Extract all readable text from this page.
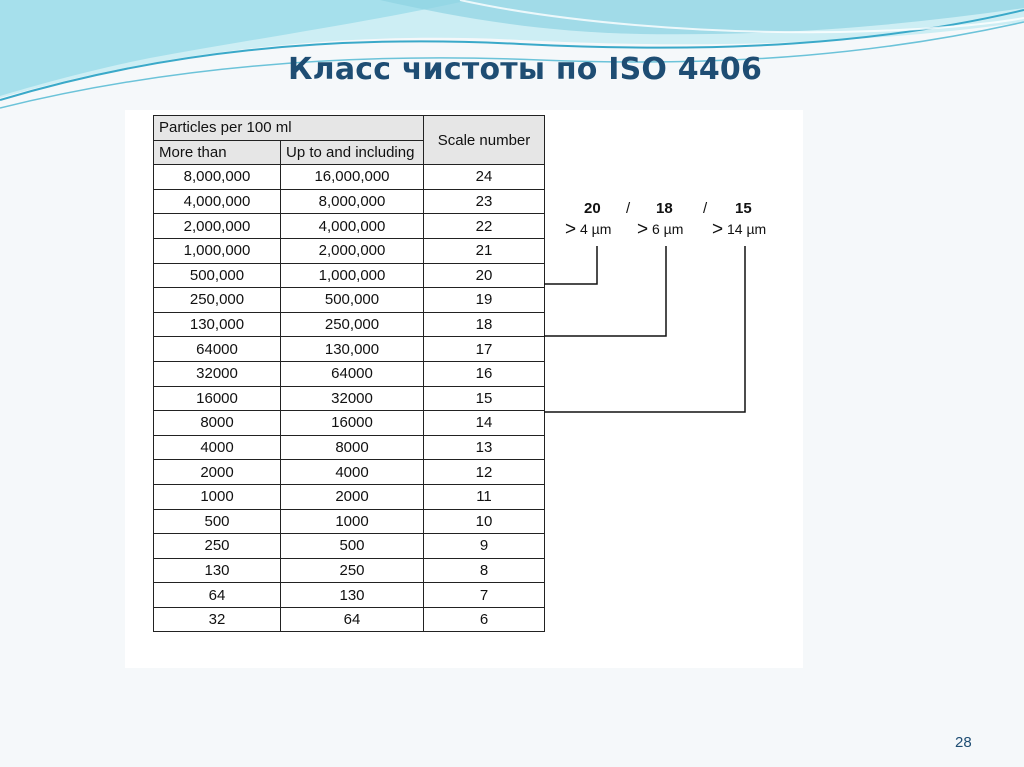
Класс чистоты по ISO 4406
Particles per 100 ml		Scale number
More than	Up to and including	
8,000,000	16,000,000	24
4,000,000	8,000,000	23
2,000,000	4,000,000	22
1,000,000	2,000,000	21
500,000	1,000,000	20
250,000	500,000	19
130,000	250,000	18
64000	130,000	17
32000	64000	16
16000	32000	15
8000	16000	14
4000	8000	13
2000	4000	12
1000	2000	11
500	1000	10
250	500	9
130	250	8
64	130	7
32	64	6
20 / 18 / 15
> 4 µm > 6 µm > 14 µm
28
